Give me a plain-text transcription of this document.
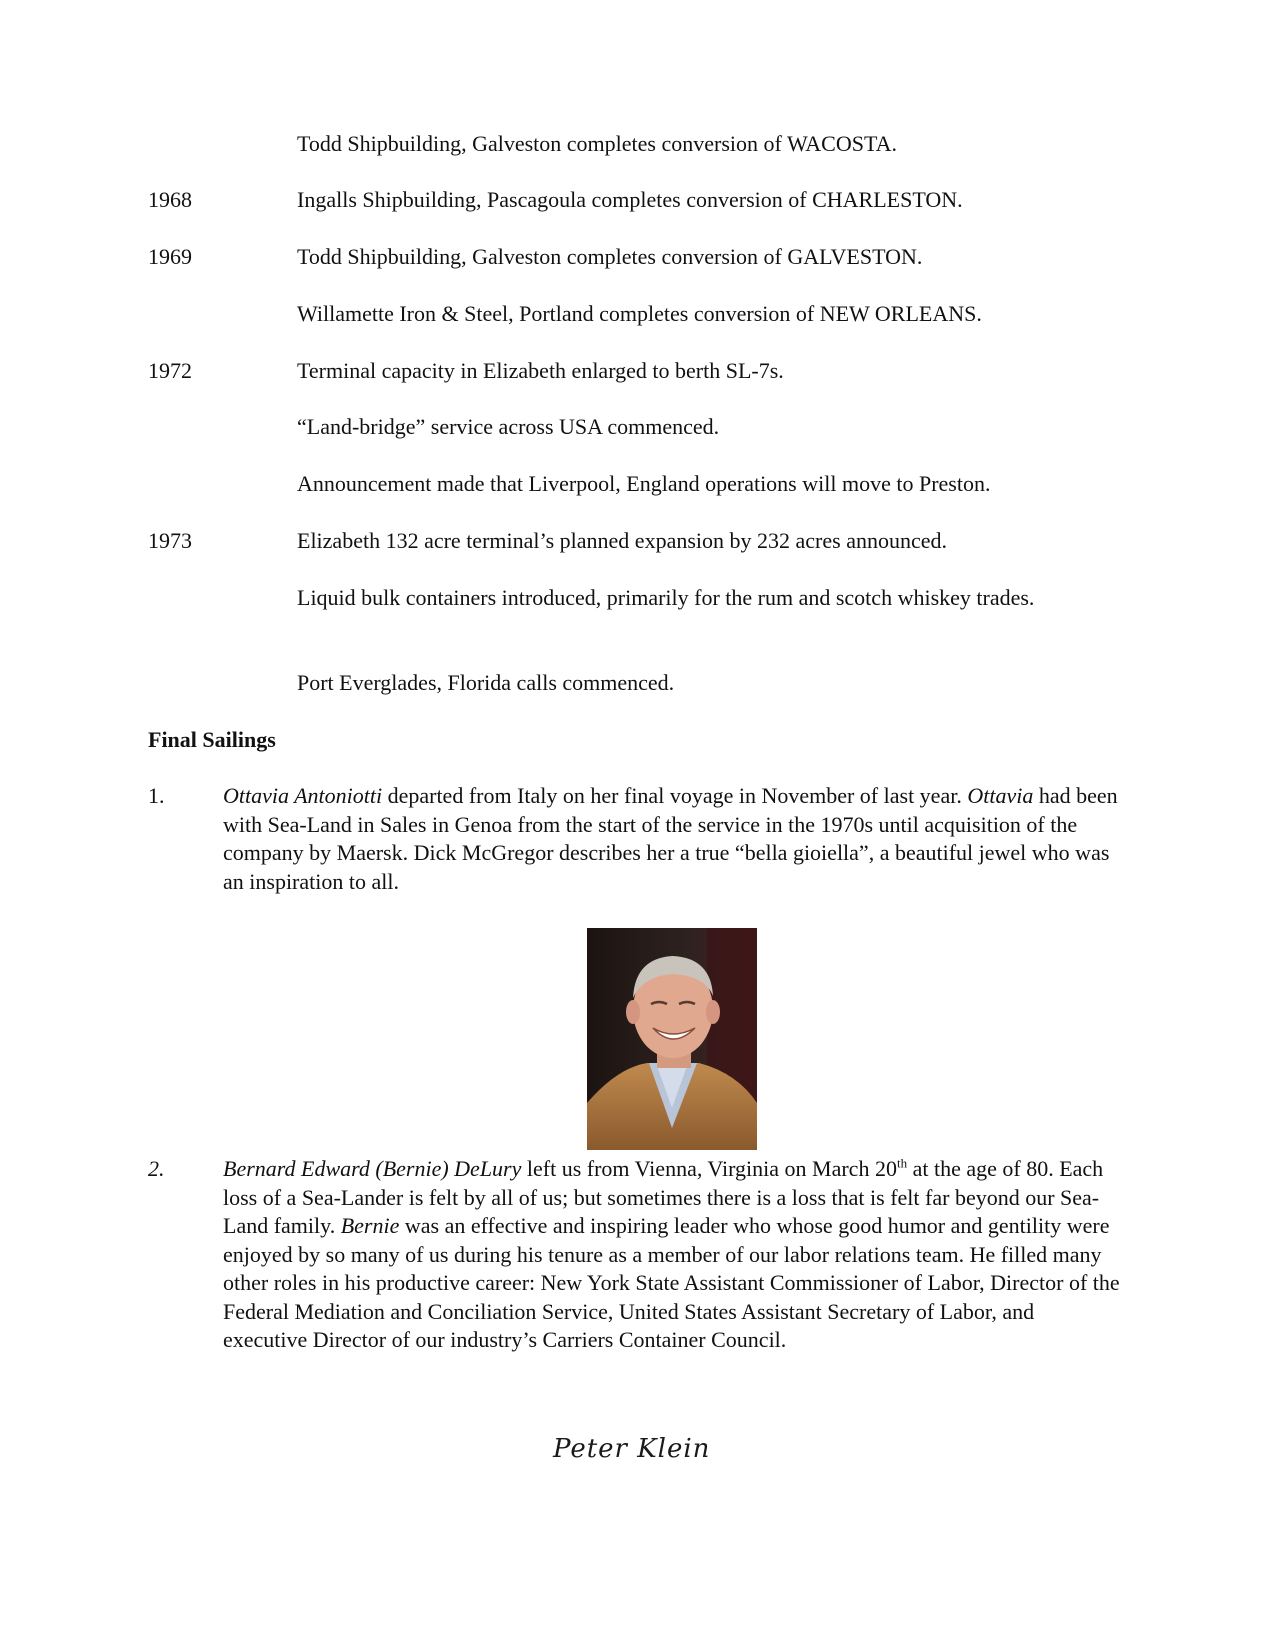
Todd Shipbuilding, Galveston completes conversion of WACOSTA.
1968	Ingalls Shipbuilding, Pascagoula completes conversion of CHARLESTON.
1969	Todd Shipbuilding, Galveston completes conversion of GALVESTON.
Willamette Iron & Steel, Portland completes conversion of NEW ORLEANS.
1972	Terminal capacity in Elizabeth enlarged to berth SL-7s.
“Land-bridge” service across USA commenced.
Announcement made that Liverpool, England operations will move to Preston.
1973	Elizabeth 132 acre terminal’s planned expansion by 232 acres announced.
Liquid bulk containers introduced, primarily for the rum and scotch whiskey trades.
Port Everglades, Florida calls commenced.
Final Sailings
1.	Ottavia Antoniotti departed from Italy on her final voyage in November of last year. Ottavia had been with Sea-Land in Sales in Genoa from the start of the service in the 1970s until acquisition of the company by Maersk. Dick McGregor describes her a true “bella gioiella”, a beautiful jewel who was an inspiration to all.
2.	Bernard Edward (Bernie) DeLury left us from Vienna, Virginia on March 20th at the age of 80. Each loss of a Sea-Lander is felt by all of us; but sometimes there is a loss that is felt far beyond our Sea-Land family. Bernie was an effective and inspiring leader who whose good humor and gentility were enjoyed by so many of us during his tenure as a member of our labor relations team. He filled many other roles in his productive career: New York State Assistant Commissioner of Labor, Director of the Federal Mediation and Conciliation Service, United States Assistant Secretary of Labor, and executive Director of our industry’s Carriers Container Council.
Peter Klein
